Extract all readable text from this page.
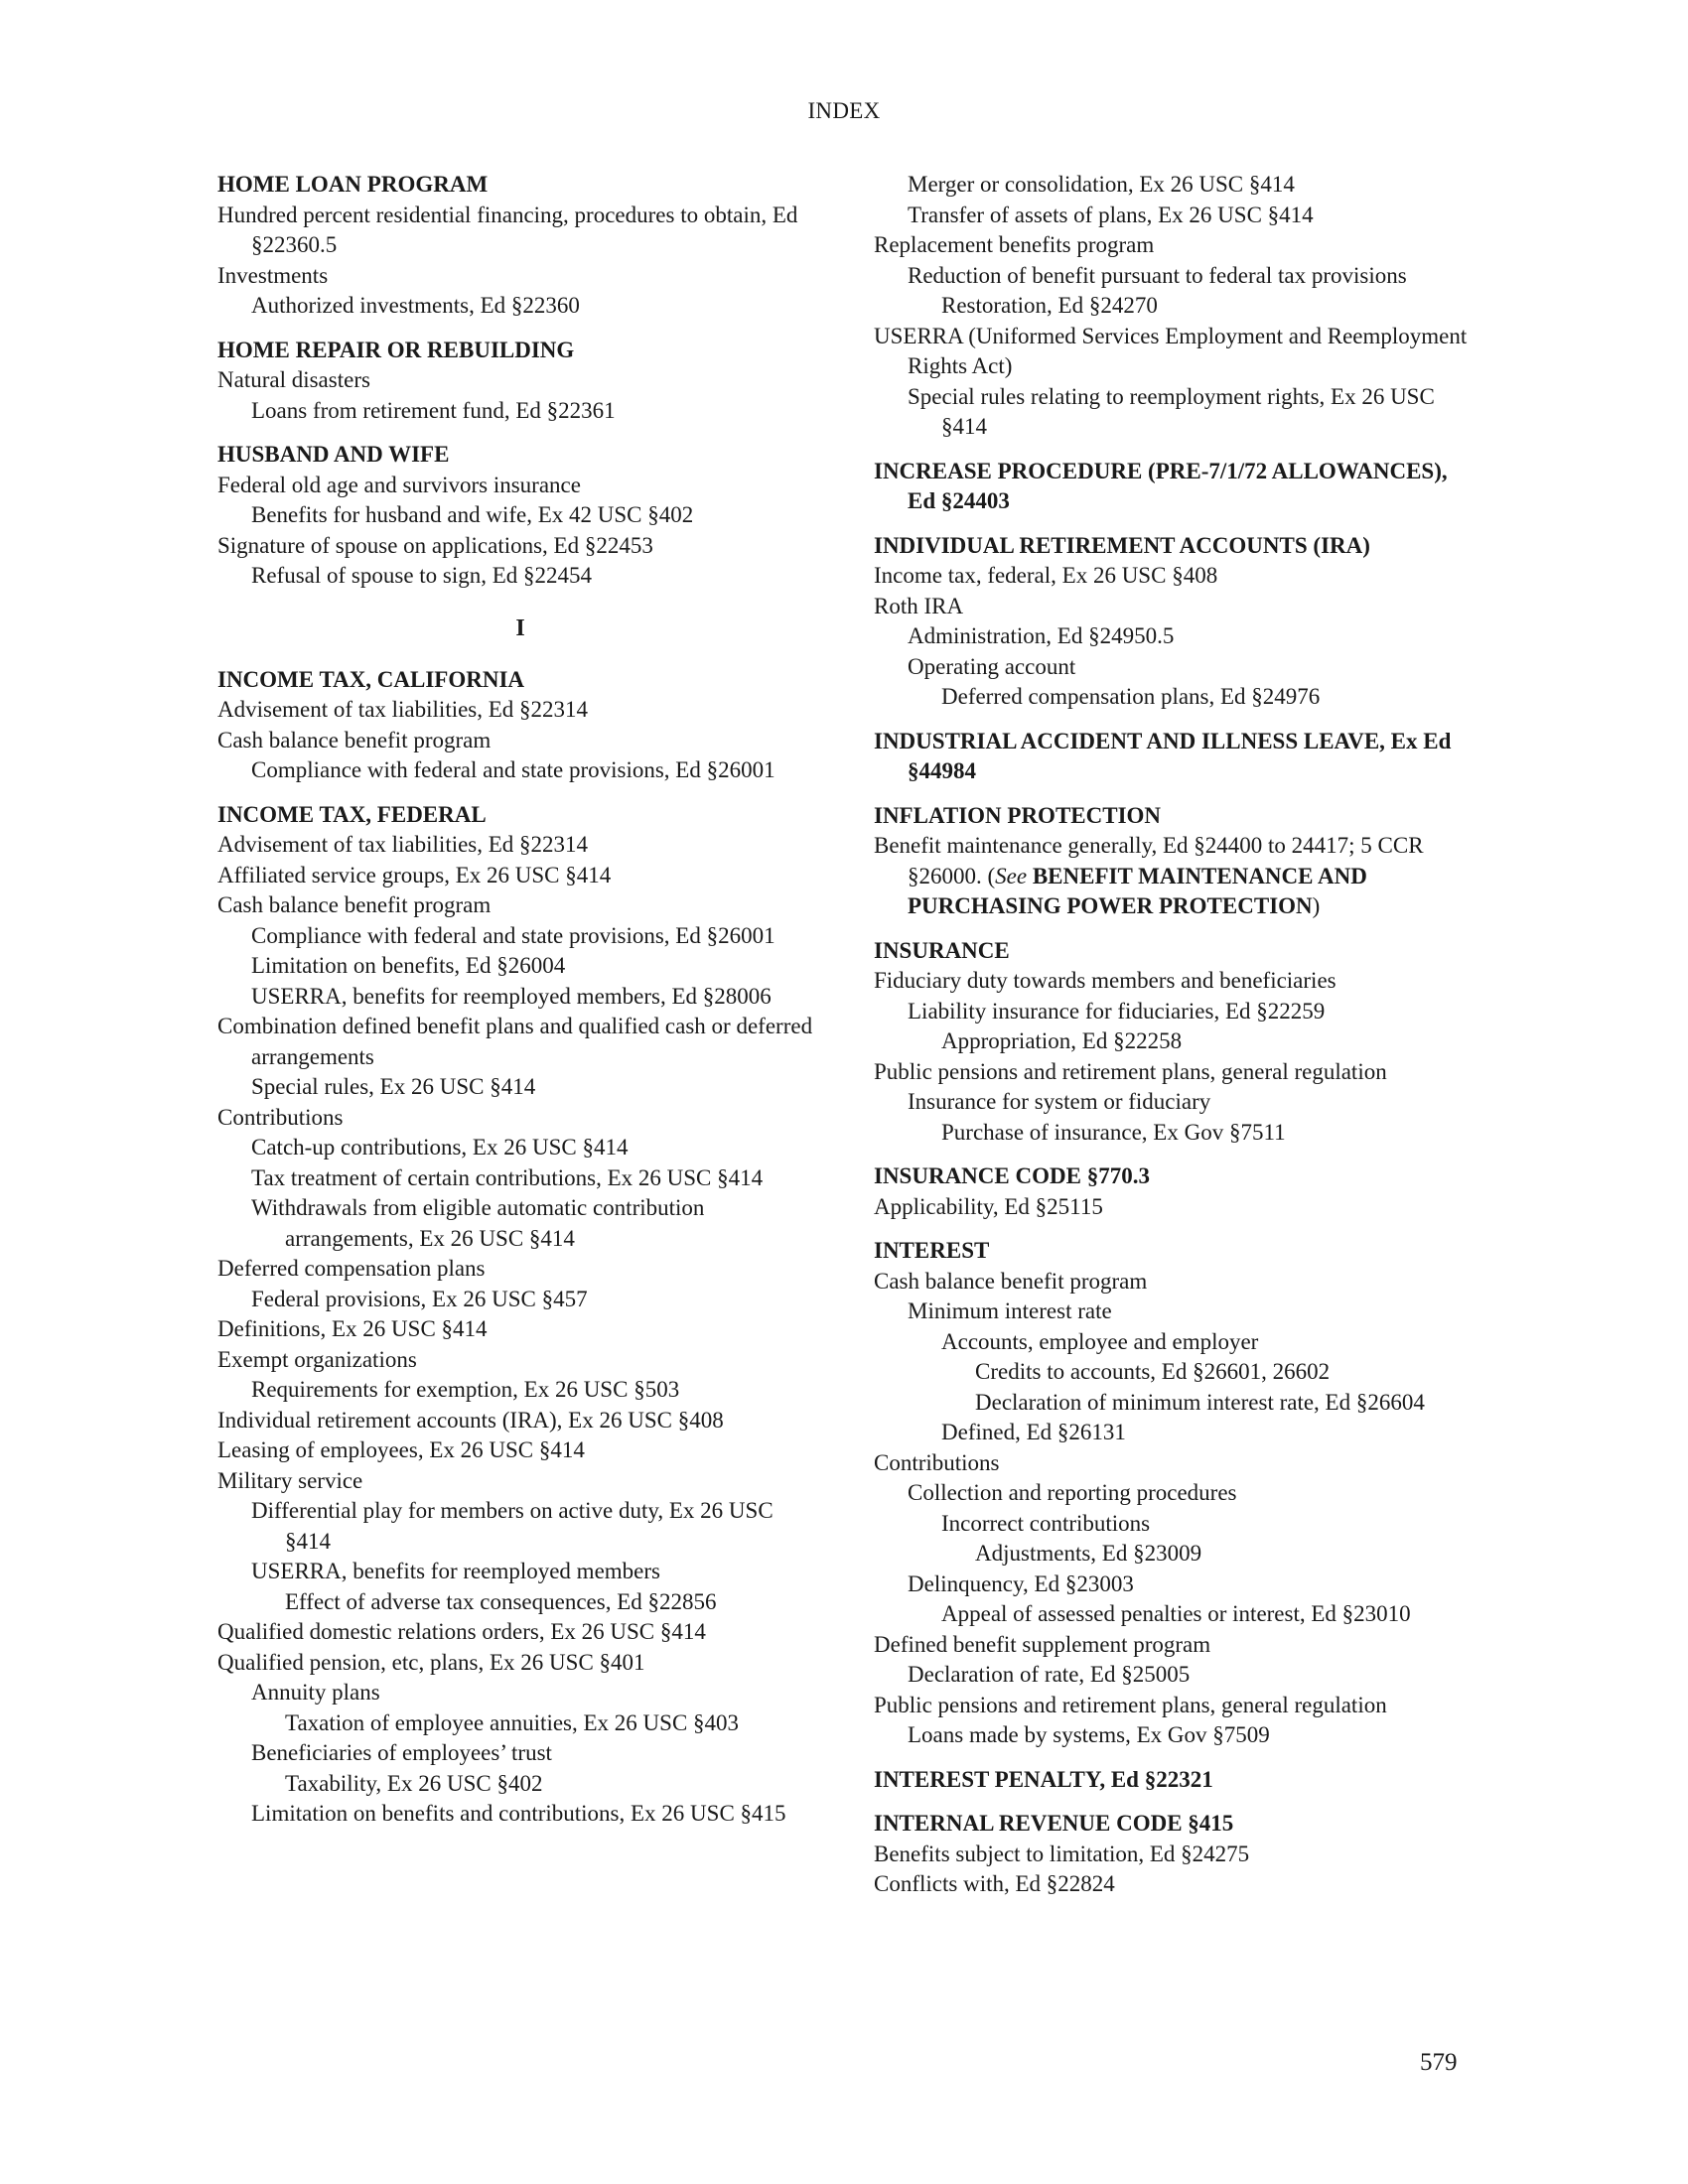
INDEX
HOME LOAN PROGRAM
Hundred percent residential financing, procedures to obtain, Ed §22360.5
Investments
Authorized investments, Ed §22360
HOME REPAIR OR REBUILDING
Natural disasters
Loans from retirement fund, Ed §22361
HUSBAND AND WIFE
Federal old age and survivors insurance
Benefits for husband and wife, Ex 42 USC §402
Signature of spouse on applications, Ed §22453
Refusal of spouse to sign, Ed §22454
I
INCOME TAX, CALIFORNIA
Advisement of tax liabilities, Ed §22314
Cash balance benefit program
Compliance with federal and state provisions, Ed §26001
INCOME TAX, FEDERAL
Advisement of tax liabilities, Ed §22314
Affiliated service groups, Ex 26 USC §414
Cash balance benefit program
Compliance with federal and state provisions, Ed §26001
Limitation on benefits, Ed §26004
USERRA, benefits for reemployed members, Ed §28006
Combination defined benefit plans and qualified cash or deferred arrangements
Special rules, Ex 26 USC §414
Contributions
Catch-up contributions, Ex 26 USC §414
Tax treatment of certain contributions, Ex 26 USC §414
Withdrawals from eligible automatic contribution arrangements, Ex 26 USC §414
Deferred compensation plans
Federal provisions, Ex 26 USC §457
Definitions, Ex 26 USC §414
Exempt organizations
Requirements for exemption, Ex 26 USC §503
Individual retirement accounts (IRA), Ex 26 USC §408
Leasing of employees, Ex 26 USC §414
Military service
Differential play for members on active duty, Ex 26 USC §414
USERRA, benefits for reemployed members
Effect of adverse tax consequences, Ed §22856
Qualified domestic relations orders, Ex 26 USC §414
Qualified pension, etc, plans, Ex 26 USC §401
Annuity plans
Taxation of employee annuities, Ex 26 USC §403
Beneficiaries of employees’ trust
Taxability, Ex 26 USC §402
Limitation on benefits and contributions, Ex 26 USC §415
Merger or consolidation, Ex 26 USC §414
Transfer of assets of plans, Ex 26 USC §414
Replacement benefits program
Reduction of benefit pursuant to federal tax provisions
Restoration, Ed §24270
USERRA (Uniformed Services Employment and Reemployment Rights Act)
Special rules relating to reemployment rights, Ex 26 USC §414
INCREASE PROCEDURE (PRE-7/1/72 ALLOWANCES), Ed §24403
INDIVIDUAL RETIREMENT ACCOUNTS (IRA)
Income tax, federal, Ex 26 USC §408
Roth IRA
Administration, Ed §24950.5
Operating account
Deferred compensation plans, Ed §24976
INDUSTRIAL ACCIDENT AND ILLNESS LEAVE, Ex Ed §44984
INFLATION PROTECTION
Benefit maintenance generally, Ed §24400 to 24417; 5 CCR §26000. (See BENEFIT MAINTENANCE AND PURCHASING POWER PROTECTION)
INSURANCE
Fiduciary duty towards members and beneficiaries
Liability insurance for fiduciaries, Ed §22259
Appropriation, Ed §22258
Public pensions and retirement plans, general regulation
Insurance for system or fiduciary
Purchase of insurance, Ex Gov §7511
INSURANCE CODE §770.3
Applicability, Ed §25115
INTEREST
Cash balance benefit program
Minimum interest rate
Accounts, employee and employer
Credits to accounts, Ed §26601, 26602
Declaration of minimum interest rate, Ed §26604
Defined, Ed §26131
Contributions
Collection and reporting procedures
Incorrect contributions
Adjustments, Ed §23009
Delinquency, Ed §23003
Appeal of assessed penalties or interest, Ed §23010
Defined benefit supplement program
Declaration of rate, Ed §25005
Public pensions and retirement plans, general regulation
Loans made by systems, Ex Gov §7509
INTEREST PENALTY, Ed §22321
INTERNAL REVENUE CODE §415
Benefits subject to limitation, Ed §24275
Conflicts with, Ed §22824
579
